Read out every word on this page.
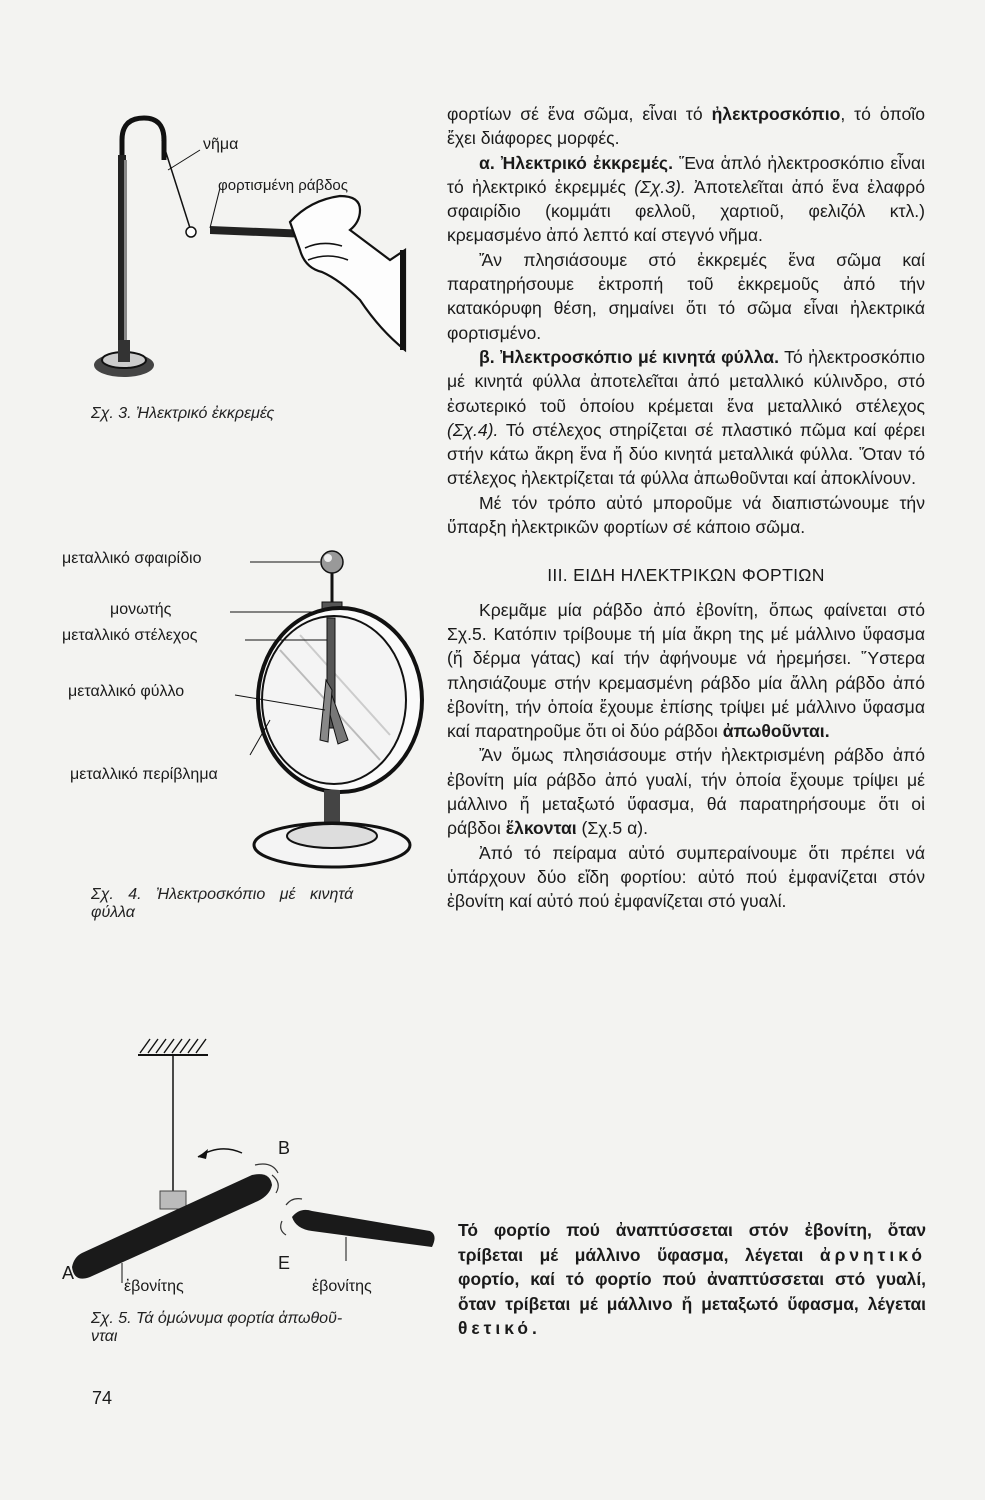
νῆμα
φορτισμένη ράβδος
Σχ. 3. Ἠλεκτρικό ἐκκρεμές
μεταλλικό σφαιρίδιο
μονωτής
μεταλλικό στέλεχος
μεταλλικό φύλλο
μεταλλικό περίβλημα
Σχ. 4. Ἠλεκτροσκόπιο μέ κινητά
φύλλα
A
B
E
ἐβονίτης	ἐβονίτης
Σχ. 5. Τά ὁμώνυμα φορτία ἀπωθοῦ-
νται

φορτίων σέ ἕνα σῶμα, εἶναι τό ἠλεκτροσκόπιο, τό ὁποῖο ἔχει διάφορες μορφές.

α. Ἠλεκτρικό ἐκκρεμές. Ἕνα ἁπλό ἠλεκτροσκόπιο εἶναι τό ἠλεκτρικό ἐκρεμμές (Σχ.3). Ἀποτελεῖται ἀπό ἕνα ἐλαφρό σφαιρίδιο (κομμάτι φελλοῦ, χαρτιοῦ, φελιζόλ κτλ.) κρεμασμένο ἀπό λεπτό καί στεγνό νῆμα.

Ἄν πλησιάσουμε στό ἐκκρεμές ἕνα σῶμα καί παρατηρήσουμε ἐκτροπή τοῦ ἐκκρεμοῦς ἀπό τήν κατακόρυφη θέση, σημαίνει ὅτι τό σῶμα εἶναι ἠλεκτρικά φορτισμένο.

β. Ἠλεκτροσκόπιο μέ κινητά φύλλα. Τό ἠλεκτροσκόπιο μέ κινητά φύλλα ἀποτελεῖται ἀπό μεταλλικό κύλινδρο, στό ἐσωτερικό τοῦ ὁποίου κρέμεται ἕνα μεταλλικό στέλεχος (Σχ.4). Τό στέλεχος στηρίζεται σέ πλαστικό πῶμα καί φέρει στήν κάτω ἄκρη ἕνα ἤ δύο κινητά μεταλλικά φύλλα. Ὅταν τό στέλεχος ἠλεκτρίζεται τά φύλλα ἀπωθοῦνται καί ἀποκλίνουν.

Μέ τόν τρόπο αὐτό μποροῦμε νά διαπιστώνουμε τήν ὕπαρξη ἠλεκτρικῶν φορτίων σέ κάποιο σῶμα.

ΙΙΙ. ΕΙΔΗ ΗΛΕΚΤΡΙΚΩΝ ΦΟΡΤΙΩΝ

Κρεμᾶμε μία ράβδο ἀπό ἐβονίτη, ὅπως φαίνεται στό Σχ.5. Κατόπιν τρίβουμε τή μία ἄκρη της μέ μάλλινο ὕφασμα (ἤ δέρμα γάτας) καί τήν ἀφήνουμε νά ἠρεμήσει. Ὕστερα πλησιάζουμε στήν κρεμασμένη ράβδο μία ἄλλη ράβδο ἀπό ἐβονίτη, τήν ὁποία ἔχουμε ἐπίσης τρίψει μέ μάλλινο ὕφασμα καί παρατηροῦμε ὅτι οἱ δύο ράβδοι ἀπωθοῦνται.

Ἄν ὅμως πλησιάσουμε στήν ἠλεκτρισμένη ράβδο ἀπό ἐβονίτη μία ράβδο ἀπό γυαλί, τήν ὁποία ἔχουμε τρίψει μέ μάλλινο ἤ μεταξωτό ὕφασμα, θά παρατηρήσουμε ὅτι οἱ ράβδοι ἕλκονται (Σχ.5 α).

Ἀπό τό πείραμα αὐτό συμπεραίνουμε ὅτι πρέπει νά ὑπάρχουν δύο εἴδη φορτίου: αὐτό πού ἐμφανίζεται στόν ἐβονίτη καί αὐτό πού ἐμφανίζεται στό γυαλί.

Τό φορτίο πού ἀναπτύσσεται στόν ἐβονίτη, ὅταν τρίβεται μέ μάλλινο ὕφασμα, λέγεται ἀρνητικό φορτίο, καί τό φορτίο πού ἀναπτύσσεται στό γυαλί, ὅταν τρίβεται μέ μάλλινο ἤ μεταξωτό ὕφασμα, λέγεται θετικό.
74
